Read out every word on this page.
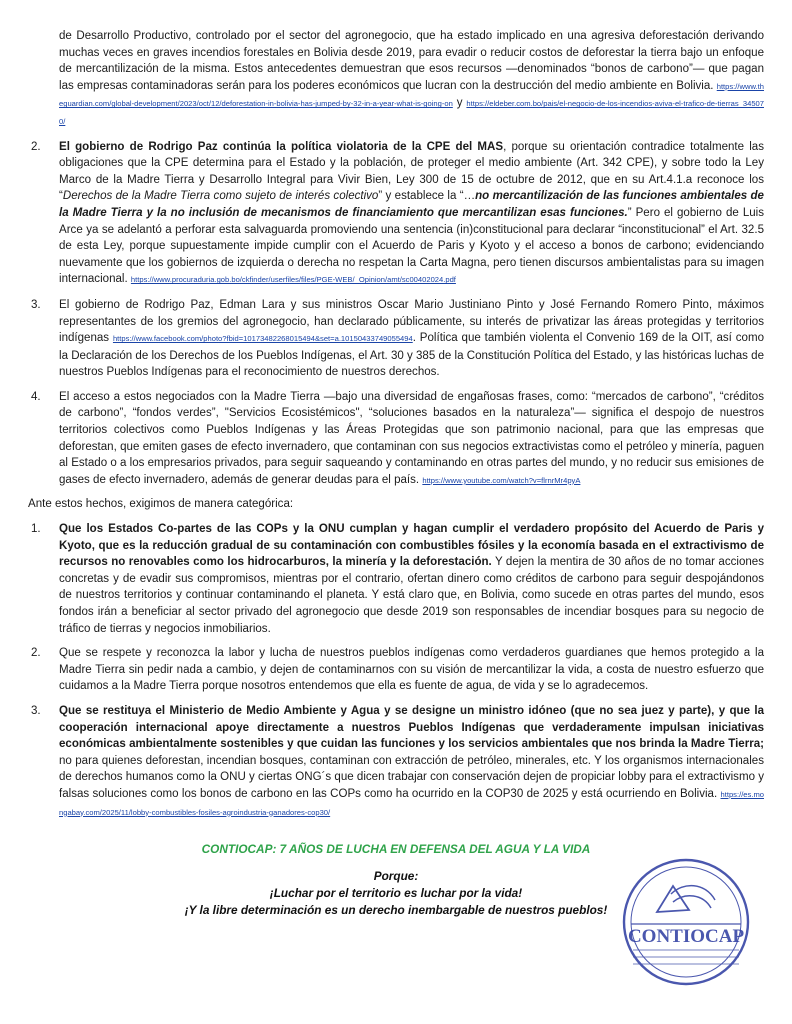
de Desarrollo Productivo, controlado por el sector del agronegocio, que ha estado implicado en una agresiva deforestación derivando muchas veces en graves incendios forestales en Bolivia desde 2019, para evadir o reducir costos de deforestar la tierra bajo un enfoque de mercantilización de la misma. Estos antecedentes demuestran que esos recursos —denominados “bonos de carbono”— que pagan las empresas contaminadoras serán para los poderes económicos que lucran con la destrucción del medio ambiente en Bolivia. https://www.theguardian.com/global-development/2023/oct/12/deforestation-in-bolivia-has-jumped-by-32-in-a-year-what-is-going-on y https://eldeber.com.bo/pais/el-negocio-de-los-incendios-aviva-el-trafico-de-tierras_345070/

2. El gobierno de Rodrigo Paz continúa la política violatoria de la CPE del MAS, porque su orientación contradice totalmente las obligaciones que la CPE determina para el Estado y la población, de proteger el medio ambiente (Art. 342 CPE), y sobre todo la Ley Marco de la Madre Tierra y Desarrollo Integral para Vivir Bien, Ley 300 de 15 de octubre de 2012, que en su Art.4.1.a reconoce los “Derechos de la Madre Tierra como sujeto de interés colectivo” y establece la “…no mercantilización de las funciones ambientales de la Madre Tierra y la no inclusión de mecanismos de financiamiento que mercantilizan esas funciones.” Pero el gobierno de Luis Arce ya se adelantó a perforar esta salvaguarda promoviendo una sentencia (in)constitucional para declarar “inconstitucional” el Art. 32.5 de esta Ley, porque supuestamente impide cumplir con el Acuerdo de Paris y Kyoto y el acceso a bonos de carbono; evidenciando nuevamente que los gobiernos de izquierda o derecha no respetan la Carta Magna, pero tienen discursos ambientalistas para su imagen internacional. https://www.procuraduria.gob.bo/ckfinder/userfiles/files/PGE-WEB/_Opinion/amt/sc00402024.pdf

3. El gobierno de Rodrigo Paz, Edman Lara y sus ministros Oscar Mario Justiniano Pinto y José Fernando Romero Pinto, máximos representantes de los gremios del agronegocio, han declarado públicamente, su interés de privatizar las áreas protegidas y territorios indígenas https://www.facebook.com/photo?fbid=10173482268015494&set=a.10150433749055494. Política que también violenta el Convenio 169 de la OIT, así como la Declaración de los Derechos de los Pueblos Indígenas, el Art. 30 y 385 de la Constitución Política del Estado, y las históricas luchas de nuestros Pueblos Indígenas para el reconocimiento de nuestros derechos.

4. El acceso a estos negociados con la Madre Tierra —bajo una diversidad de engañosas frases, como: “mercados de carbono”, “créditos de carbono”, “fondos verdes”, "Servicios Ecosistémicos", “soluciones basados en la naturaleza”— significa el despojo de nuestros territorios colectivos como Pueblos Indígenas y las Áreas Protegidas que son patrimonio nacional, para que las empresas que deforestan, que emiten gases de efecto invernadero, que contaminan con sus negocios extractivistas como el petróleo y minería, paguen al Estado o a los empresarios privados, para seguir saqueando y contaminando en otras partes del mundo, y no reducir sus emisiones de gases de efecto invernadero, además de generar deudas para el país. https://www.youtube.com/watch?v=flrnrMr4pyA

Ante estos hechos, exigimos de manera categórica:

1. Que los Estados Co-partes de las COPs y la ONU cumplan y hagan cumplir el verdadero propósito del Acuerdo de Paris y Kyoto, que es la reducción gradual de su contaminación con combustibles fósiles y la economía basada en el extractivismo de recursos no renovables como los hidrocarburos, la minería y la deforestación. Y dejen la mentira de 30 años de no tomar acciones concretas y de evadir sus compromisos, mientras por el contrario, ofertan dinero como créditos de carbono para seguir despojándonos de nuestros territorios y continuar contaminando el planeta. Y está claro que, en Bolivia, como sucede en otras partes del mundo, esos fondos irán a beneficiar al sector privado del agronegocio que desde 2019 son responsables de incendiar bosques para su negocio de tráfico de tierras y negocios inmobiliarios.

2. Que se respete y reconozca la labor y lucha de nuestros pueblos indígenas como verdaderos guardianes que hemos protegido a la Madre Tierra sin pedir nada a cambio, y dejen de contaminarnos con su visión de mercantilizar la vida, a costa de nuestro esfuerzo que cuidamos a la Madre Tierra porque nosotros entendemos que ella es fuente de agua, de vida y se lo agradecemos.

3. Que se restituya el Ministerio de Medio Ambiente y Agua y se designe un ministro idóneo (que no sea juez y parte), y que la cooperación internacional apoye directamente a nuestros Pueblos Indígenas que verdaderamente impulsan iniciativas económicas ambientalmente sostenibles y que cuidan las funciones y los servicios ambientales que nos brinda la Madre Tierra; no para quienes deforestan, incendian bosques, contaminan con extracción de petróleo, minerales, etc. Y los organismos internacionales de derechos humanos como la ONU y ciertas ONG´s que dicen trabajar con conservación dejen de propiciar lobby para el extractivismo y falsas soluciones como los bonos de carbono en las COPs como ha ocurrido en la COP30 de 2025 y está ocurriendo en Bolivia. https://es.mongabay.com/2025/11/lobby-combustibles-fosiles-agroindustria-ganadores-cop30/

CONTIOCAP: 7 AÑOS DE LUCHA EN DEFENSA DEL AGUA Y LA VIDA

Porque:

¡Luchar por el territorio es luchar por la vida!

¡Y la libre determinación es un derecho inembargable de nuestros pueblos!

CONTIOCAP
